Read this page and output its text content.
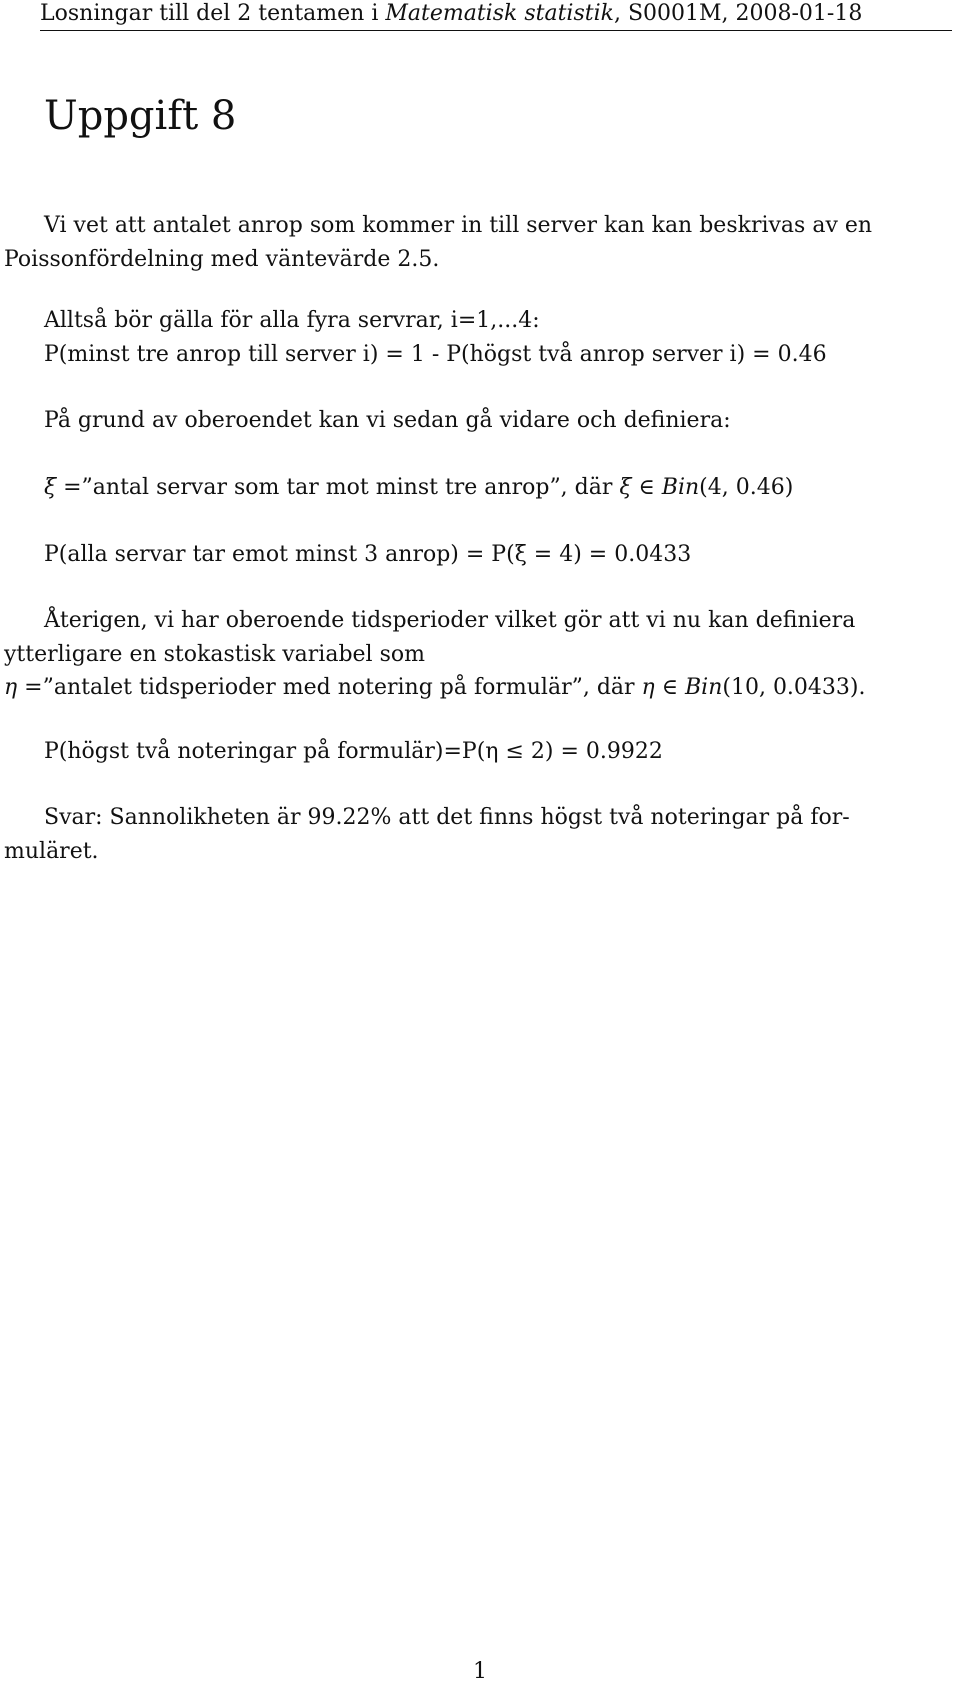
Losningar till del 2 tentamen i Matematisk statistik, S0001M, 2008-01-18
Uppgift 8
Vi vet att antalet anrop som kommer in till server kan kan beskrivas av en
Poissonfördelning med väntevärde 2.5.
Alltså bör gälla för alla fyra servrar, i=1,...4:
P(minst tre anrop till server i) = 1 - P(högst två anrop server i) = 0.46
På grund av oberoendet kan vi sedan gå vidare och definiera:
ξ =”antal servar som tar mot minst tre anrop”, där ξ ∈ Bin(4, 0.46)
P(alla servar tar emot minst 3 anrop) = P(ξ = 4) = 0.0433
Återigen, vi har oberoende tidsperioder vilket gör att vi nu kan definiera
ytterligare en stokastisk variabel som
η =”antalet tidsperioder med notering på formulär”, där η ∈ Bin(10, 0.0433).
P(högst två noteringar på formulär)=P(η ≤ 2) = 0.9922
Svar: Sannolikheten är 99.22% att det finns högst två noteringar på for-
muläret.
1
